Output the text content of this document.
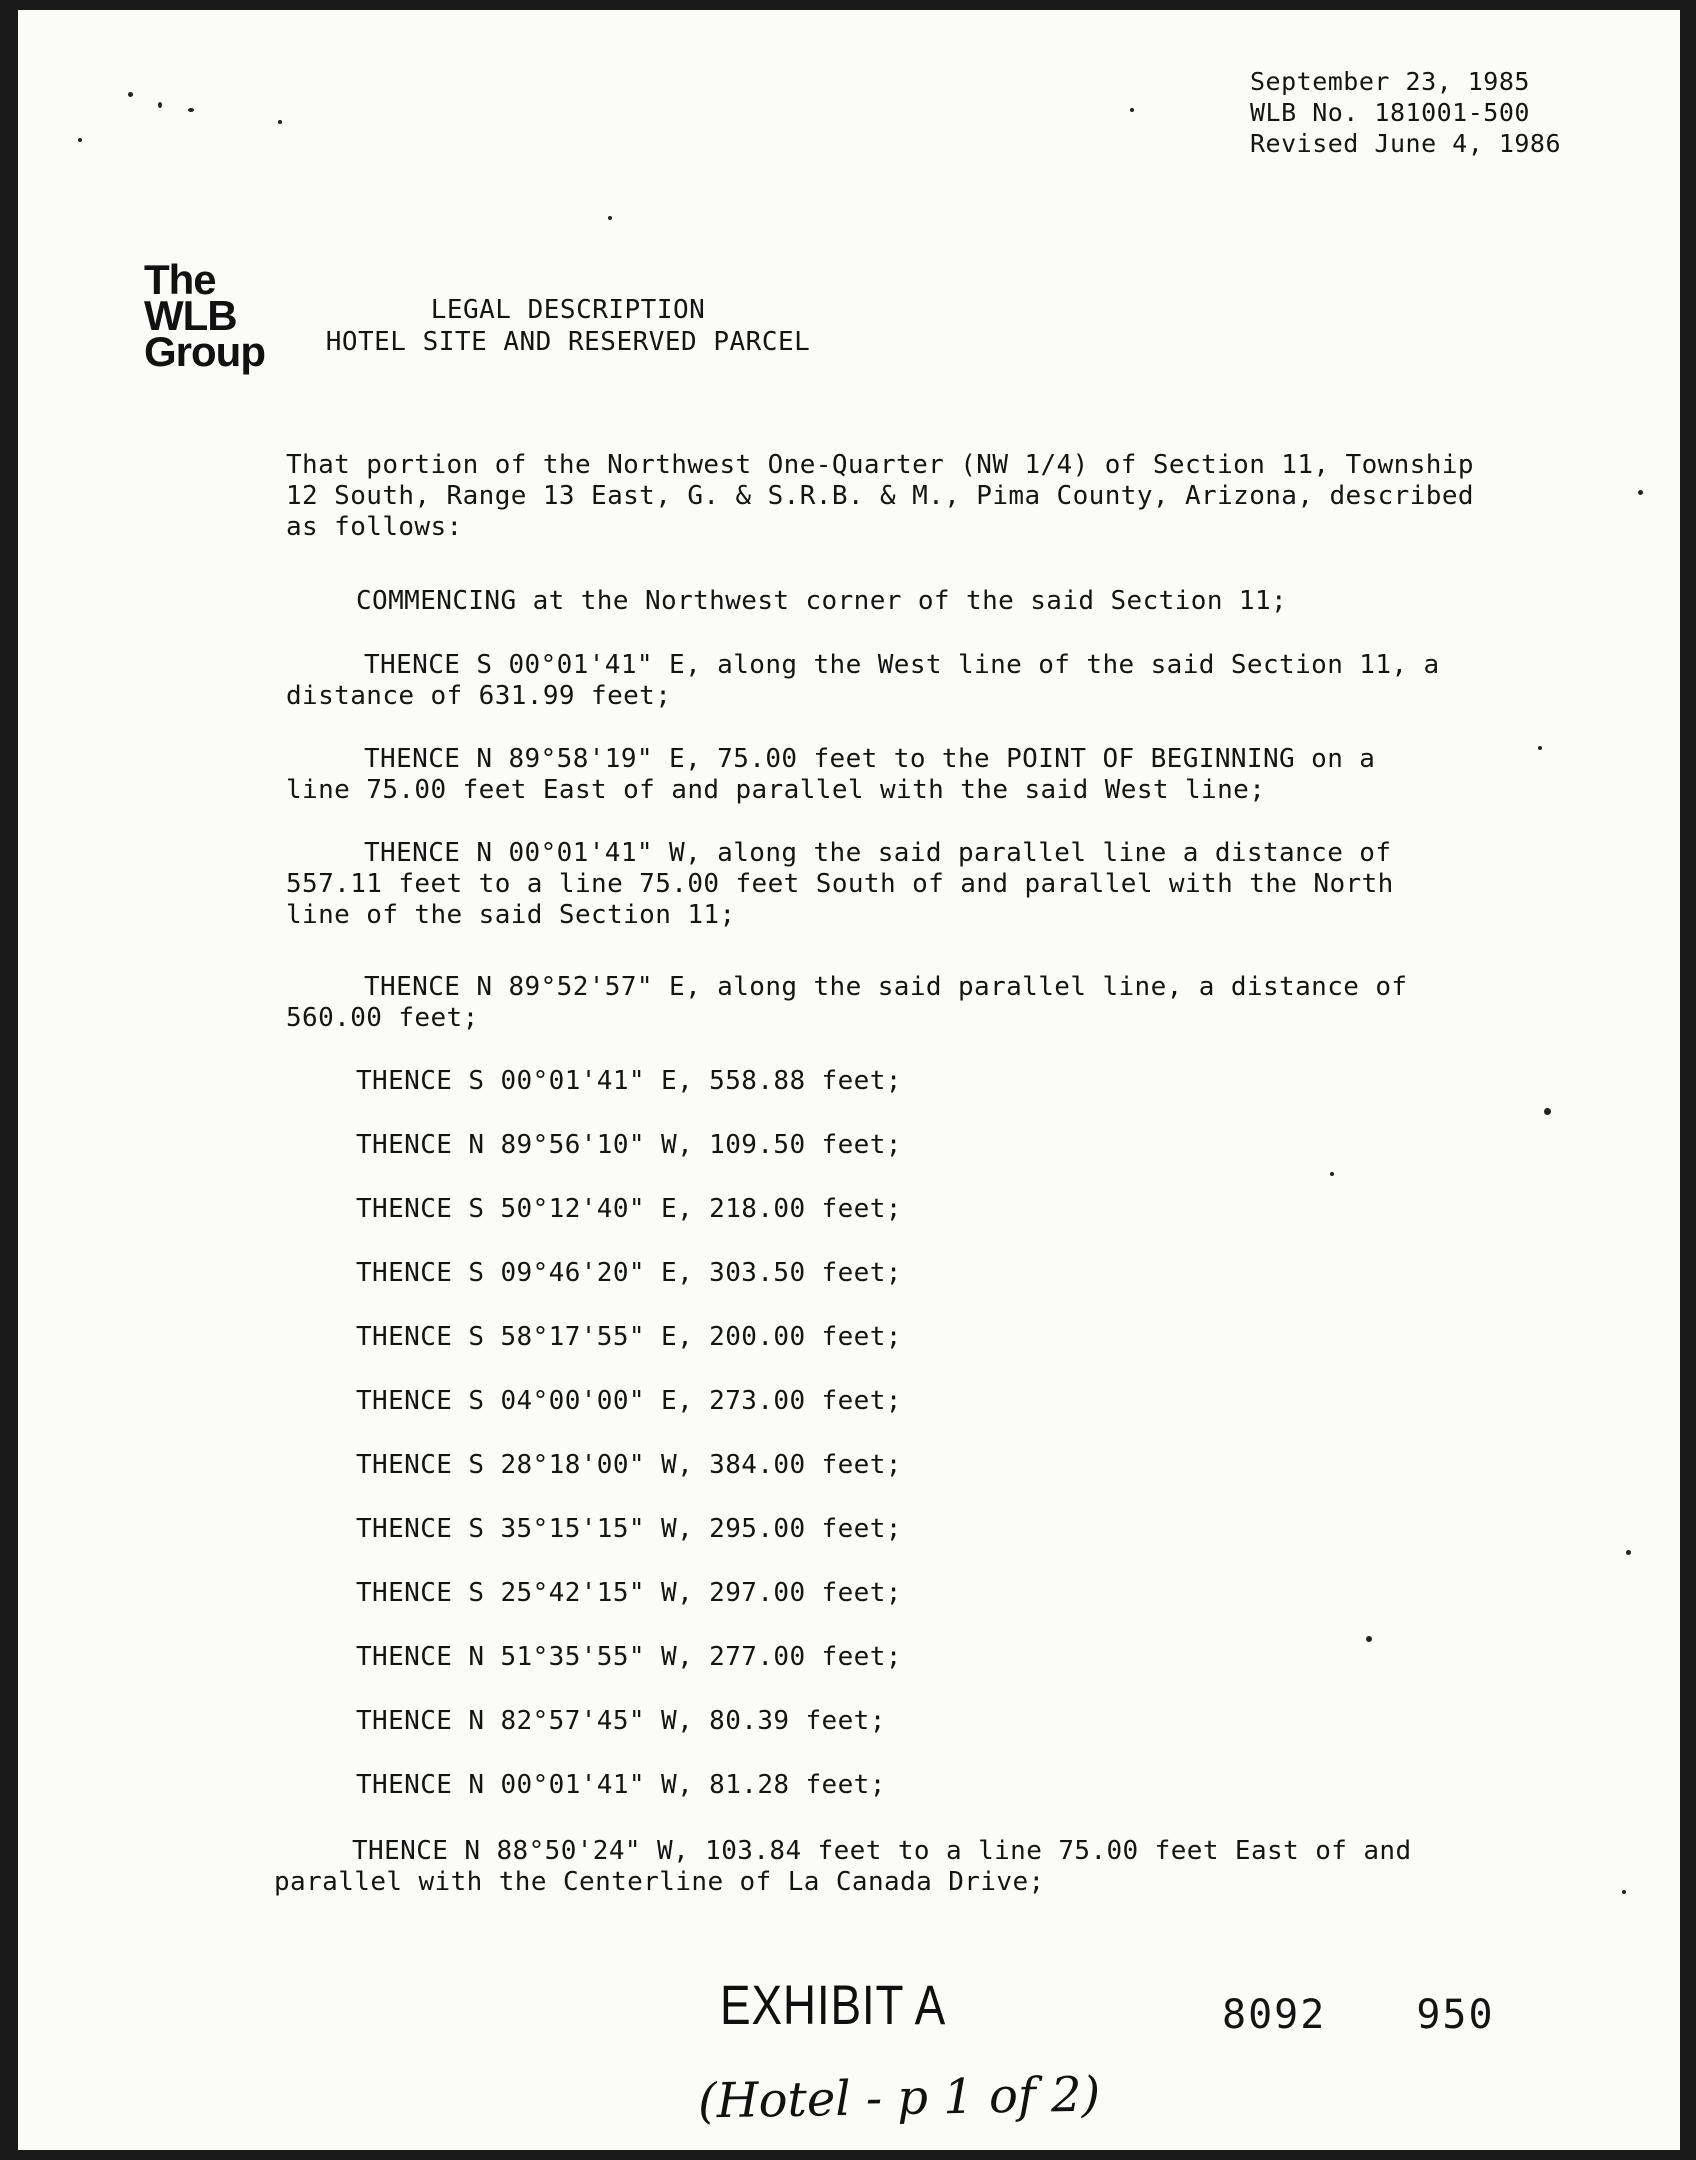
September 23, 1985
WLB No. 181001-500
Revised June 4, 1986
The
WLB
Group
LEGAL DESCRIPTION
HOTEL SITE AND RESERVED PARCEL
That portion of the Northwest One-Quarter (NW 1/4) of Section 11, Township
12 South, Range 13 East, G. & S.R.B. & M., Pima County, Arizona, described
as follows:
COMMENCING at the Northwest corner of the said Section 11;
THENCE S 00°01'41" E, along the West line of the said Section 11, a
distance of 631.99 feet;
THENCE N 89°58'19" E, 75.00 feet to the POINT OF BEGINNING on a
line 75.00 feet East of and parallel with the said West line;
THENCE N 00°01'41" W, along the said parallel line a distance of
557.11 feet to a line 75.00 feet South of and parallel with the North
line of the said Section 11;
THENCE N 89°52'57" E, along the said parallel line, a distance of
560.00 feet;
THENCE S 00°01'41" E, 558.88 feet;
THENCE N 89°56'10" W, 109.50 feet;
THENCE S 50°12'40" E, 218.00 feet;
THENCE S 09°46'20" E, 303.50 feet;
THENCE S 58°17'55" E, 200.00 feet;
THENCE S 04°00'00" E, 273.00 feet;
THENCE S 28°18'00" W, 384.00 feet;
THENCE S 35°15'15" W, 295.00 feet;
THENCE S 25°42'15" W, 297.00 feet;
THENCE N 51°35'55" W, 277.00 feet;
THENCE N 82°57'45" W, 80.39 feet;
THENCE N 00°01'41" W, 81.28 feet;
THENCE N 88°50'24" W, 103.84 feet to a line 75.00 feet East of and
parallel with the Centerline of La Canada Drive;
EXHIBIT A	8092 950
(Hotel - p 1 of 2)
